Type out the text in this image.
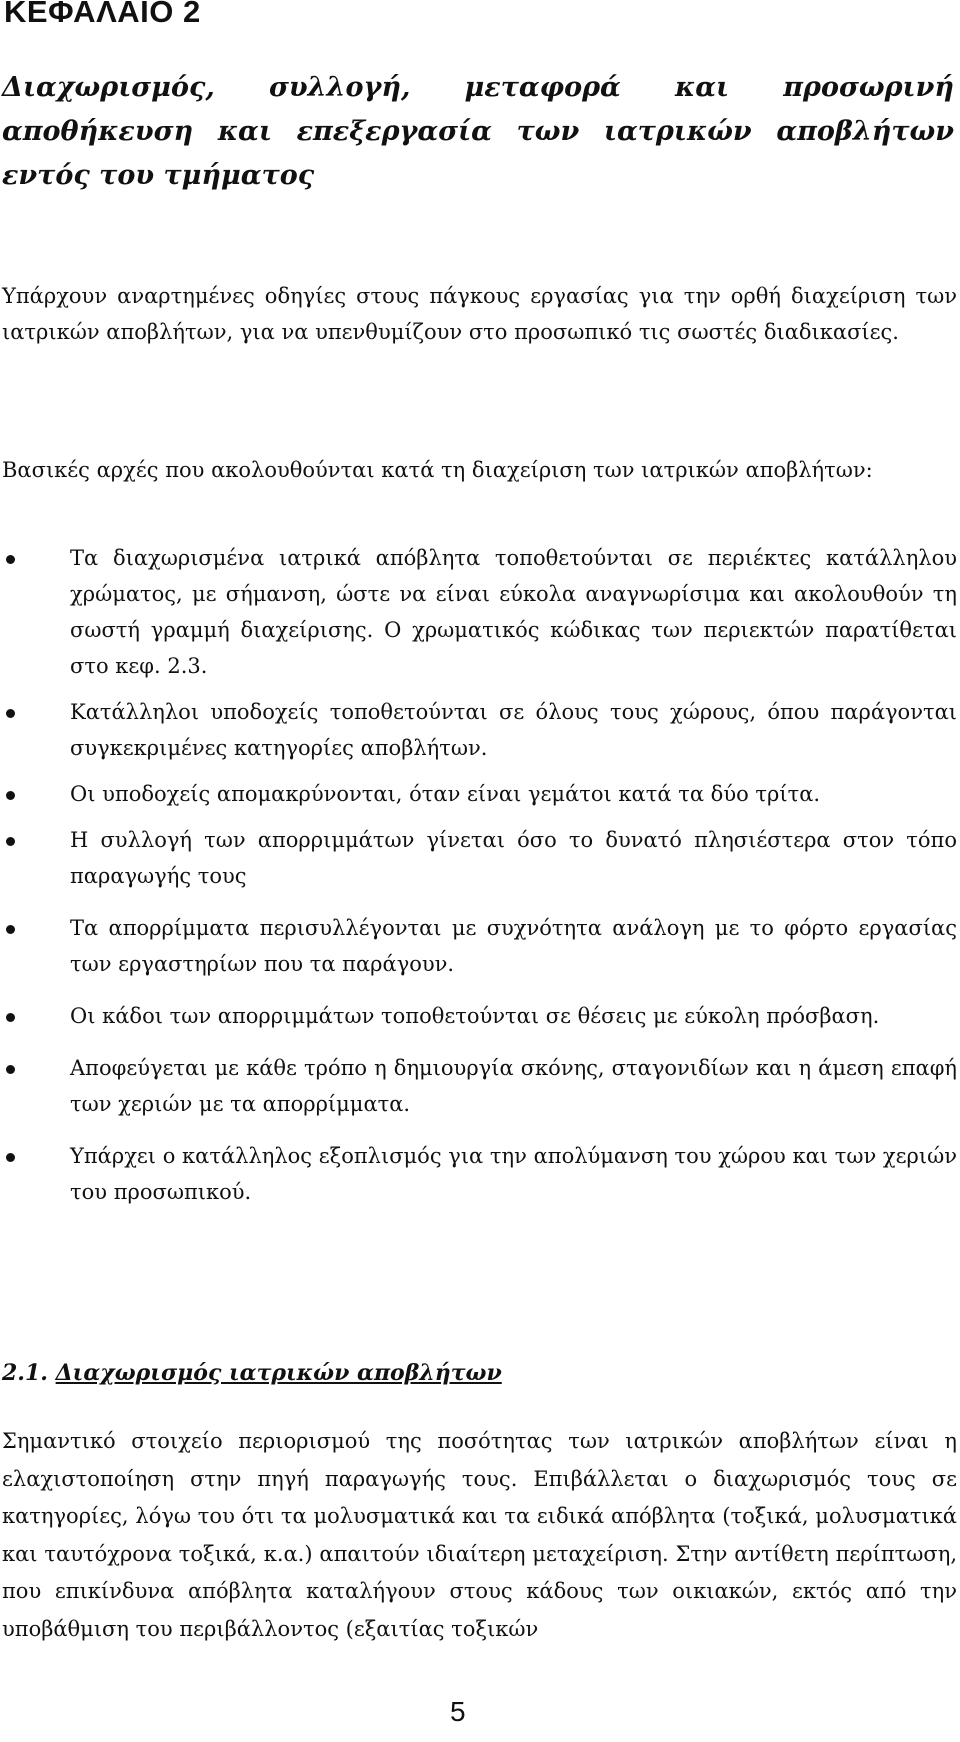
ΚΕΦΑΛΑΙΟ 2
Διαχωρισμός, συλλογή, μεταφορά και προσωρινή αποθήκευση και επεξεργασία των ιατρικών αποβλήτων εντός του τμήματος
Υπάρχουν αναρτημένες οδηγίες στους πάγκους εργασίας για την ορθή διαχείριση των ιατρικών αποβλήτων, για να υπενθυμίζουν στο προσωπικό τις σωστές διαδικασίες.
Βασικές αρχές που ακολουθούνται κατά τη διαχείριση των ιατρικών αποβλήτων:
Τα διαχωρισμένα ιατρικά απόβλητα τοποθετούνται σε περιέκτες κατάλληλου χρώματος, με σήμανση, ώστε να είναι εύκολα αναγνωρίσιμα και ακολουθούν τη σωστή γραμμή διαχείρισης. Ο χρωματικός κώδικας των περιεκτών παρατίθεται στο κεφ. 2.3.
Κατάλληλοι υποδοχείς τοποθετούνται σε όλους τους χώρους, όπου παράγονται συγκεκριμένες κατηγορίες αποβλήτων.
Οι υποδοχείς απομακρύνονται, όταν είναι γεμάτοι κατά τα δύο τρίτα.
Η συλλογή των απορριμμάτων γίνεται όσο το δυνατό πλησιέστερα στον τόπο παραγωγής τους
Τα απορρίμματα περισυλλέγονται με συχνότητα ανάλογη με το φόρτο εργασίας των εργαστηρίων που τα παράγουν.
Οι κάδοι των απορριμμάτων τοποθετούνται σε θέσεις με εύκολη πρόσβαση.
Αποφεύγεται με κάθε τρόπο η δημιουργία σκόνης, σταγονιδίων και η άμεση επαφή των χεριών με τα απορρίμματα.
Υπάρχει ο κατάλληλος εξοπλισμός για την απολύμανση του χώρου και των χεριών του προσωπικού.
2.1. Διαχωρισμός ιατρικών αποβλήτων
Σημαντικό στοιχείο περιορισμού της ποσότητας των ιατρικών αποβλήτων είναι η ελαχιστοποίηση στην πηγή παραγωγής τους. Επιβάλλεται ο διαχωρισμός τους σε κατηγορίες, λόγω του ότι τα μολυσματικά και τα ειδικά απόβλητα (τοξικά, μολυσματικά και ταυτόχρονα τοξικά, κ.α.) απαιτούν ιδιαίτερη μεταχείριση. Στην αντίθετη περίπτωση, που επικίνδυνα απόβλητα καταλήγουν στους κάδους των οικιακών, εκτός από την υποβάθμιση του περιβάλλοντος (εξαιτίας τοξικών
5
